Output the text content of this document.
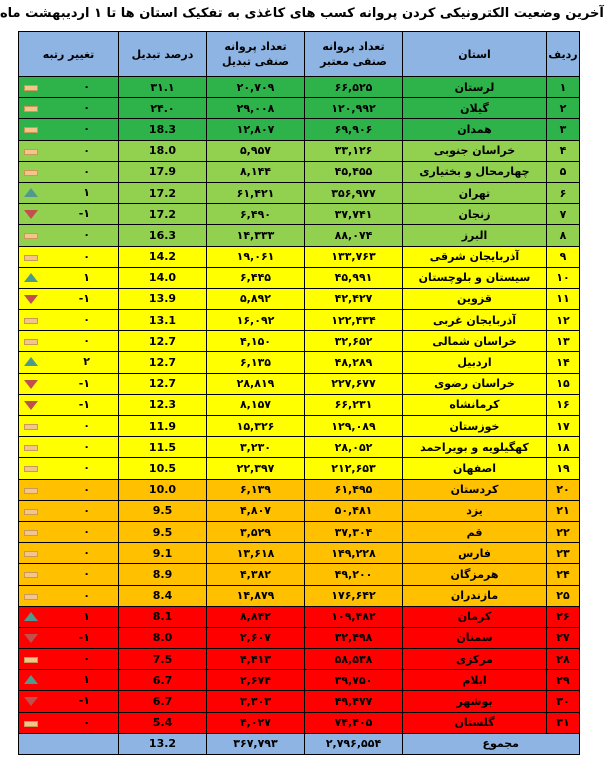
آخرین وضعیت الکترونیکی کردن پروانه کسب های کاغذی به تفکیک استان ها تا ۱ اردیبهشت ماه
ردیف	استان	تعداد پروانه صنفی معتبر	تعداد پروانه صنفی تبدیل	درصد تبدیل	تغییر رتبه
۱	لرستان	۶۶,۵۲۵	۲۰,۷۰۹	۳۱.۱	۰

۲	گیلان	۱۲۰,۹۹۲	۲۹,۰۰۸	۲۴.۰	۰

۳	همدان	۶۹,۹۰۶	۱۲,۸۰۷	18.3	۰

۴	خراسان جنوبی	۳۳,۱۲۶	۵,۹۵۷	18.0	۰

۵	چهارمحال و بختیاری	۴۵,۴۵۵	۸,۱۴۴	17.9	۰

۶	تهران	۳۵۶,۹۷۷	۶۱,۴۲۱	17.2	۱

۷	زنجان	۳۷,۷۴۱	۶,۴۹۰	17.2	۱-

۸	البرز	۸۸,۰۷۴	۱۴,۳۳۳	16.3	۰

۹	آذربایجان شرقی	۱۳۳,۷۶۳	۱۹,۰۶۱	14.2	۰

۱۰	سیستان و بلوچستان	۴۵,۹۹۱	۶,۴۴۵	14.0	۱

۱۱	قزوین	۴۲,۴۲۷	۵,۸۹۲	13.9	۱-

۱۲	آذربایجان غربی	۱۲۲,۴۳۴	۱۶,۰۹۲	13.1	۰

۱۳	خراسان شمالی	۳۲,۶۵۲	۴,۱۵۰	12.7	۰

۱۴	اردبیل	۴۸,۲۸۹	۶,۱۳۵	12.7	۲

۱۵	خراسان رضوی	۲۲۷,۶۷۷	۲۸,۸۱۹	12.7	۱-

۱۶	کرمانشاه	۶۶,۲۳۱	۸,۱۵۷	12.3	۱-

۱۷	خوزستان	۱۲۹,۰۸۹	۱۵,۳۲۶	11.9	۰

۱۸	کهگیلویه و بویراحمد	۲۸,۰۵۲	۳,۲۳۰	11.5	۰

۱۹	اصفهان	۲۱۲,۶۵۳	۲۲,۳۹۷	10.5	۰

۲۰	کردستان	۶۱,۴۹۵	۶,۱۳۹	10.0	۰

۲۱	یزد	۵۰,۴۸۱	۴,۸۰۷	9.5	۰

۲۲	قم	۳۷,۳۰۴	۳,۵۲۹	9.5	۰

۲۳	فارس	۱۴۹,۲۲۸	۱۳,۶۱۸	9.1	۰

۲۴	هرمزگان	۴۹,۲۰۰	۴,۳۸۲	8.9	۰

۲۵	مازندران	۱۷۶,۶۴۲	۱۴,۸۷۹	8.4	۰

۲۶	کرمان	۱۰۹,۴۸۲	۸,۸۴۲	8.1	۱

۲۷	سمنان	۳۲,۴۹۸	۲,۶۰۷	8.0	۱-

۲۸	مرکزی	۵۸,۵۳۸	۴,۴۱۳	7.5	۰

۲۹	ایلام	۳۹,۷۵۰	۲,۶۷۴	6.7	۱

۳۰	بوشهر	۴۹,۴۷۷	۳,۳۰۳	6.7	۱-

۳۱	گلستان	۷۴,۴۰۵	۴,۰۲۷	5.4	۰

مجموع		۲,۷۹۶,۵۵۴	۳۶۷,۷۹۳	13.2	
